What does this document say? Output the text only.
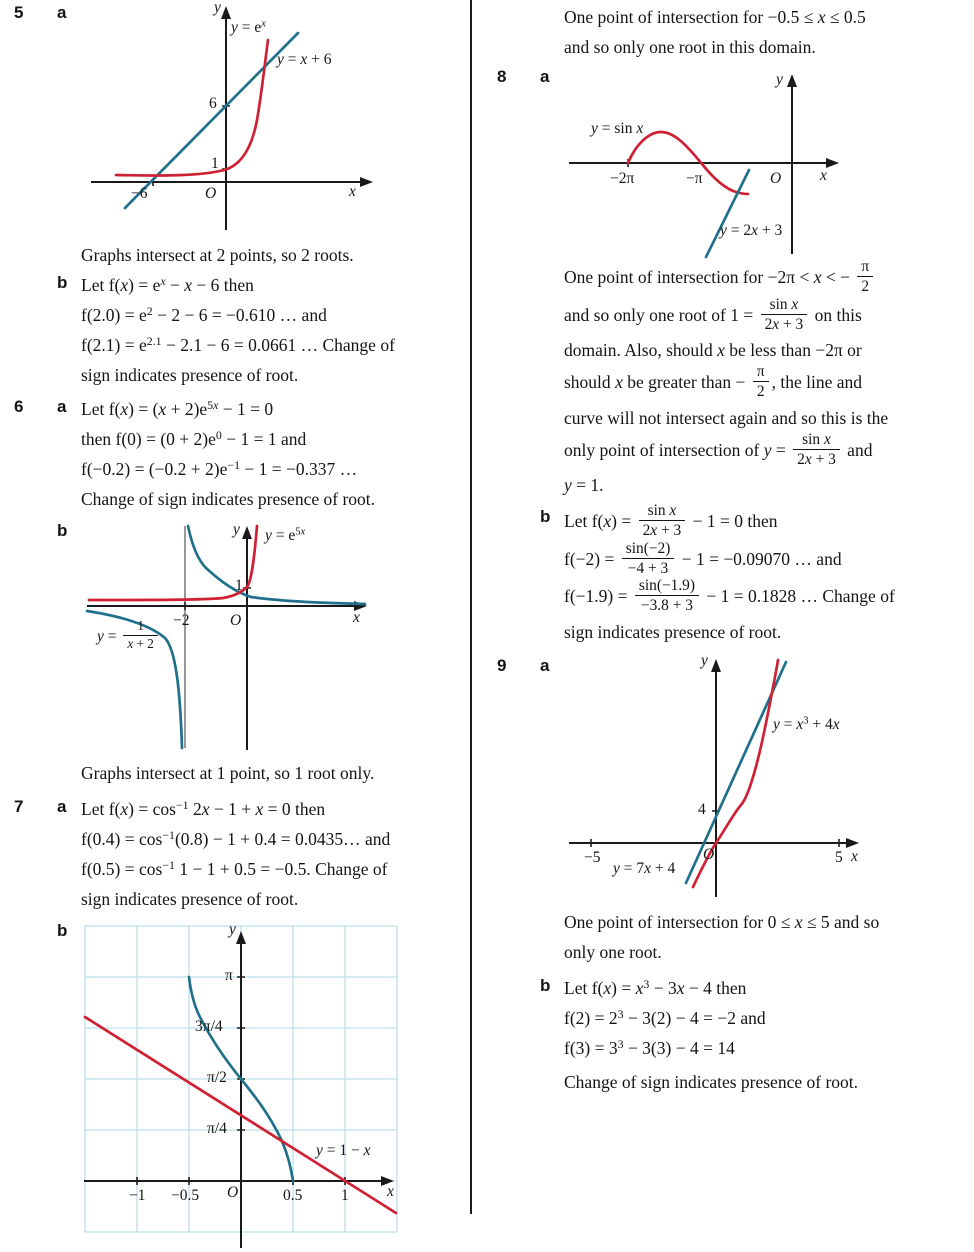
5	a
$y = e^x$
y = x + 6
6
1
−6	O	x
y
Graphs intersect at 2 points, so 2 roots.
b Let $f(x) = e^x - x - 6$ then
$f(2.0) = e^2 - 2 - 6 = -0.610$ … and
$f(2.1) = e^{2.1} - 2.1 - 6 = 0.0661$ … Change of
sign indicates presence of root.
6	a Let $f(x) = (x + 2)e^{5x} - 1 = 0$
then $f(0) = (0 + 2)e^0 - 1 = 1$ and
$f(-0.2) = (-0.2 + 2)e^{-1} - 1 = -0.337$ …
Change of sign indicates presence of root.
b	$y = e^{5x}$
y
1
−2	O	x
$y = \frac{1}{x + 2}$
Graphs intersect at 1 point, so 1 root only.
7	a Let $f(x) = \cos^{-1} 2x - 1 + x = 0$ then
$f(0.4) = \cos^{-1}(0.8) - 1 + 0.4$ = 0.0435… and
$f(0.5) = \cos^{-1} 1 - 1 + 0.5 = -0.5$. Change of
sign indicates presence of root.
b
π
3π/4
π/2
π/4
−1 −0.5 O	0.5 1 x
y
y = 1 − x
One point of intersection for −0.5 ≤ x ≤ 0.5
and so only one root in this domain.
8	a
y = sin x
−2π	−π	O	x
y
y = 2x + 3
One point of intersection for −2π < x < − $\frac{\pi}{2}$
and so only one root of $1 = \frac{\text{sin x}}{2x + 3}$ on this
domain. Also, should x be less than −2π or
should x be greater than − $\frac{\pi}{2}$ , the line and
curve will not intersect again and so this is the
only point of intersection of $y = \frac{\text{sin x}}{2x + 3}$ and
y = 1.
b Let $f(x) = \frac{\text{sin x}}{2x + 3} - 1 = 0$ then
$f(-2) = \frac{\sin(-2)}{-4 + 3} - 1 = -0.09070$ … and
$f(-1.9) = \frac{\sin(-1.9)}{-3.8 + 3} - 1 = 0.1828$ … Change of
sign indicates presence of root.
9	a
$y = x^3 + 4x$
y = 7x + 4
−5	5 x
4
O
y
One point of intersection for 0 ≤ x ≤ 5 and so
only one root.
b Let $f(x) = x^3 - 3x - 4$ then
$f(2) = 2^3 - 3(2) - 4 = -2$ and
$f(3) = 3^3 - 3(3) - 4 = 14$
Change of sign indicates presence of root.
